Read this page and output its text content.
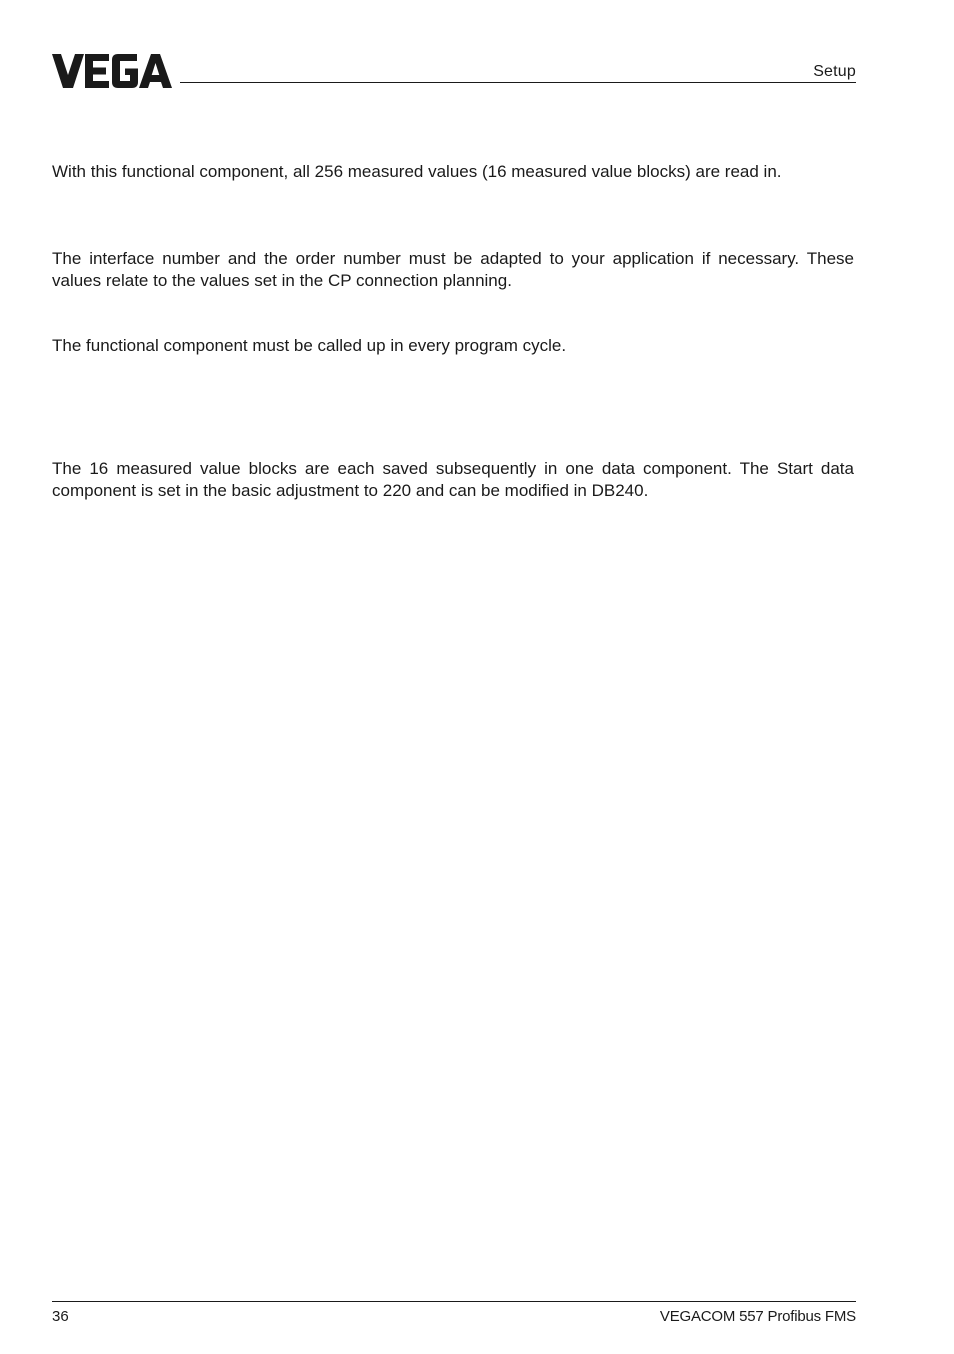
Setup

With this functional component, all 256 measured values (16 measured value blocks) are read in.

The interface number and the order number must be adapted to your application if necessary. These values relate to the values set in the CP connection planning.

The functional component must be called up in every program cycle.

The 16 measured value blocks are each saved subsequently in one data component. The Start data component is set in the basic adjustment to 220 and can be modified in DB240.

36	VEGACOM 557 Profibus FMS
